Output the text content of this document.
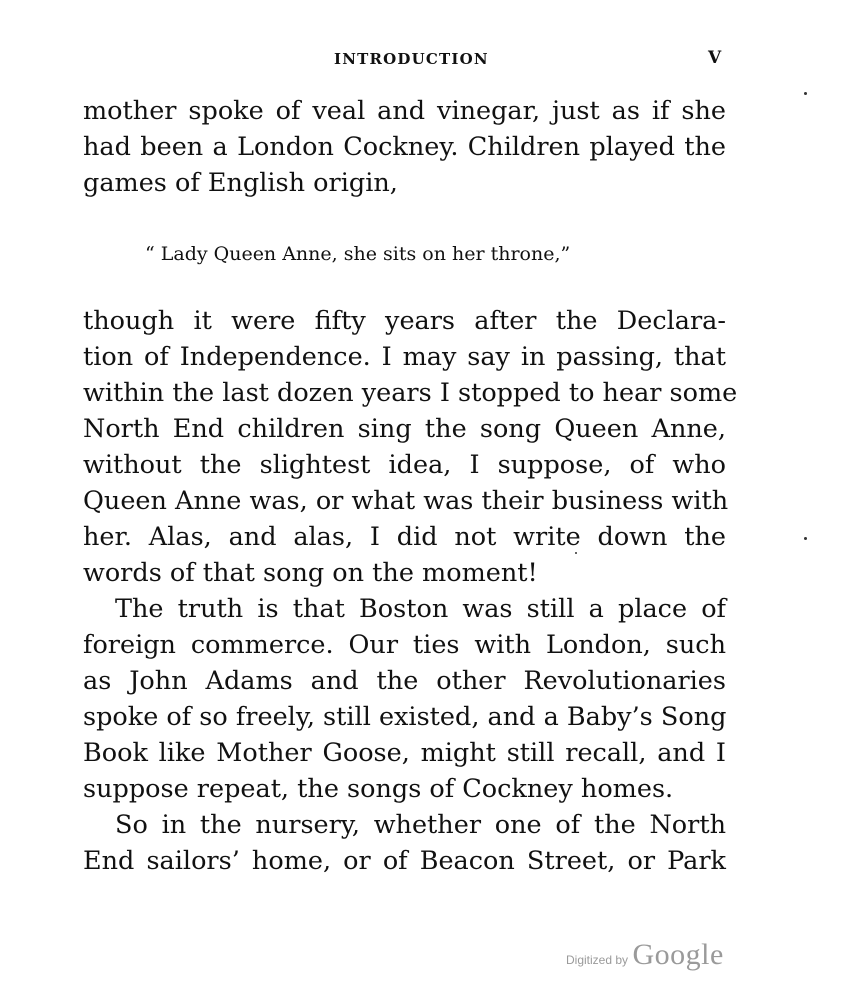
INTRODUCTION	V
mother spoke of veal and vinegar, just as if she
had been a London Cockney. Children played the
games of English origin,
“ Lady Queen Anne, she sits on her throne,”
though it were fifty years after the Declara-
tion of Independence. I may say in passing, that
within the last dozen years I stopped to hear some
North End children sing the song Queen Anne,
without the slightest idea, I suppose, of who
Queen Anne was, or what was their business with
her. Alas, and alas, I did not write down the
words of that song on the moment!
The truth is that Boston was still a place of
foreign commerce. Our ties with London, such
as John Adams and the other Revolutionaries
spoke of so freely, still existed, and a Baby’s Song
Book like Mother Goose, might still recall, and I
suppose repeat, the songs of Cockney homes.
So in the nursery, whether one of the North
End sailors’ home, or of Beacon Street, or Park
Digitized by Google
